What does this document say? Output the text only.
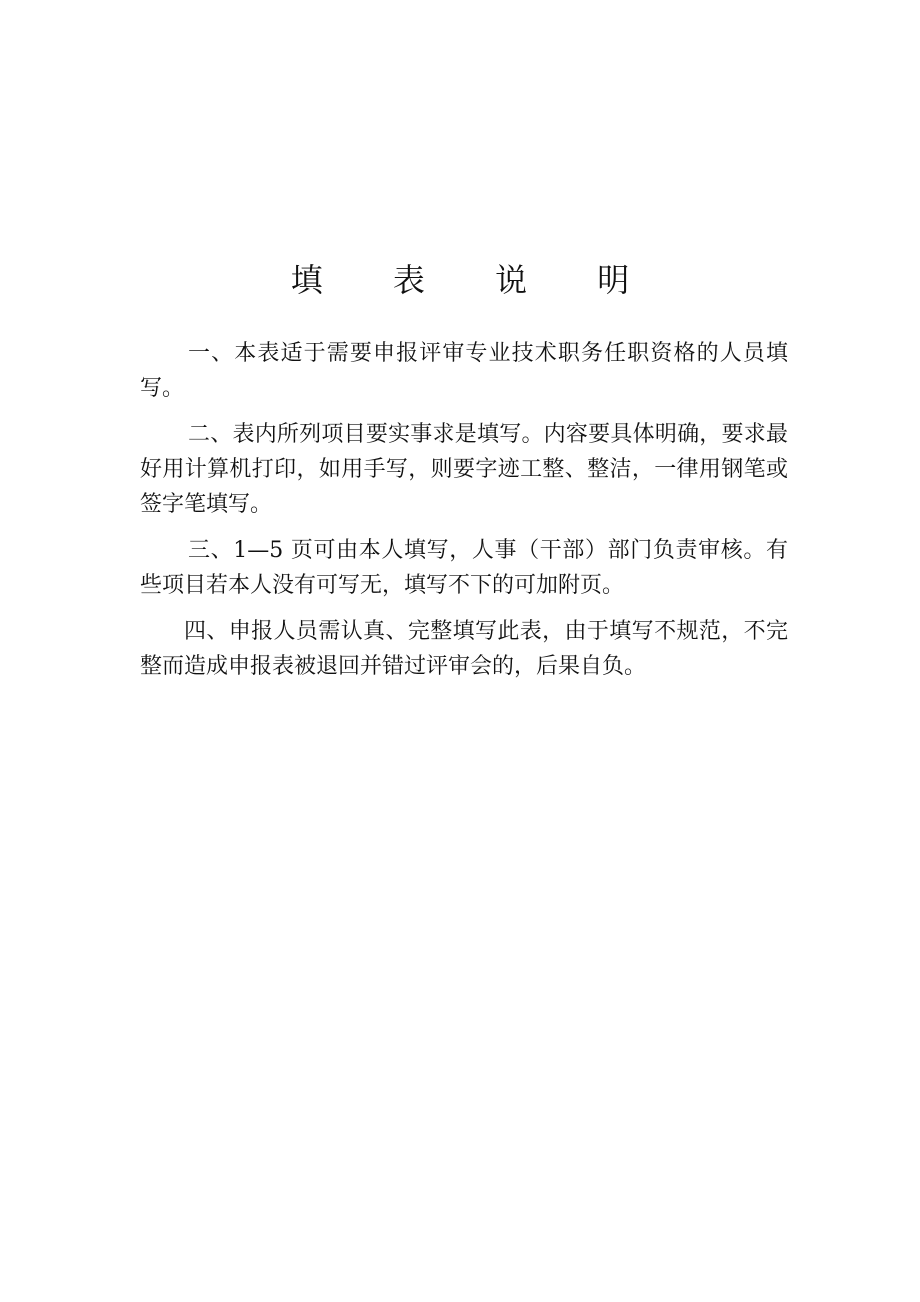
填 表 说 明

一、本表适于需要申报评审专业技术职务任职资格的人员填写。

二、表内所列项目要实事求是填写。内容要具体明确，要求最好用计算机打印，如用手写，则要字迹工整、整洁，一律用钢笔或签字笔填写。

三、1—5 页可由本人填写，人事（干部）部门负责审核。有些项目若本人没有可写无，填写不下的可加附页。

四、申报人员需认真、完整填写此表，由于填写不规范，不完整而造成申报表被退回并错过评审会的，后果自负。
